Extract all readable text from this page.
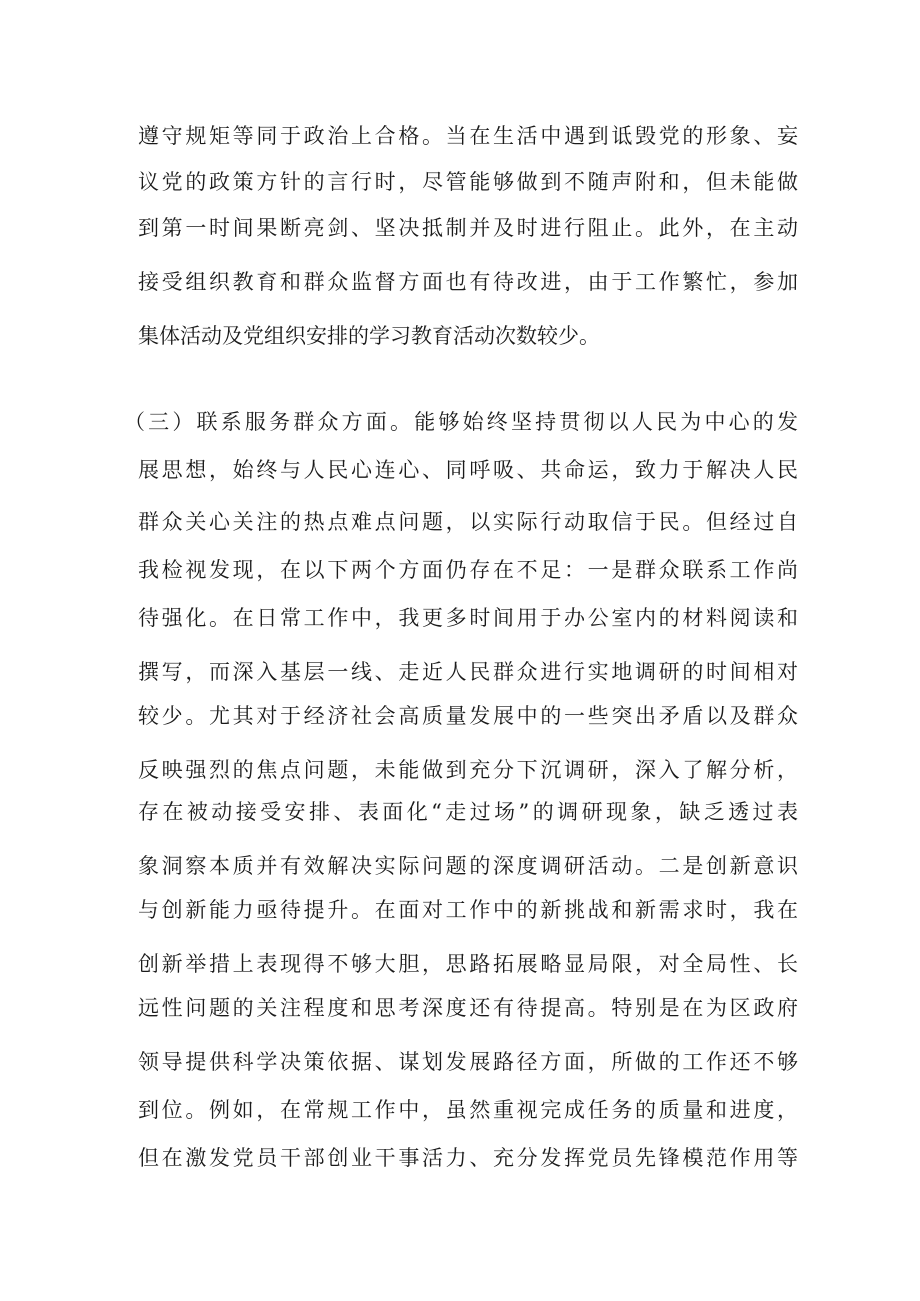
遵守规矩等同于政治上合格。当在生活中遇到诋毁党的形象、妄
议党的政策方针的言行时，尽管能够做到不随声附和，但未能做
到第一时间果断亮剑、坚决抵制并及时进行阻止。此外，在主动
接受组织教育和群众监督方面也有待改进，由于工作繁忙，参加
集体活动及党组织安排的学习教育活动次数较少。
（三）联系服务群众方面。能够始终坚持贯彻以人民为中心的发
展思想，始终与人民心连心、同呼吸、共命运，致力于解决人民
群众关心关注的热点难点问题，以实际行动取信于民。但经过自
我检视发现，在以下两个方面仍存在不足：一是群众联系工作尚
待强化。在日常工作中，我更多时间用于办公室内的材料阅读和
撰写，而深入基层一线、走近人民群众进行实地调研的时间相对
较少。尤其对于经济社会高质量发展中的一些突出矛盾以及群众
反映强烈的焦点问题，未能做到充分下沉调研，深入了解分析，
存在被动接受安排、表面化“走过场”的调研现象，缺乏透过表
象洞察本质并有效解决实际问题的深度调研活动。二是创新意识
与创新能力亟待提升。在面对工作中的新挑战和新需求时，我在
创新举措上表现得不够大胆，思路拓展略显局限，对全局性、长
远性问题的关注程度和思考深度还有待提高。特别是在为区政府
领导提供科学决策依据、谋划发展路径方面，所做的工作还不够
到位。例如，在常规工作中，虽然重视完成任务的质量和进度，
但在激发党员干部创业干事活力、充分发挥党员先锋模范作用等
